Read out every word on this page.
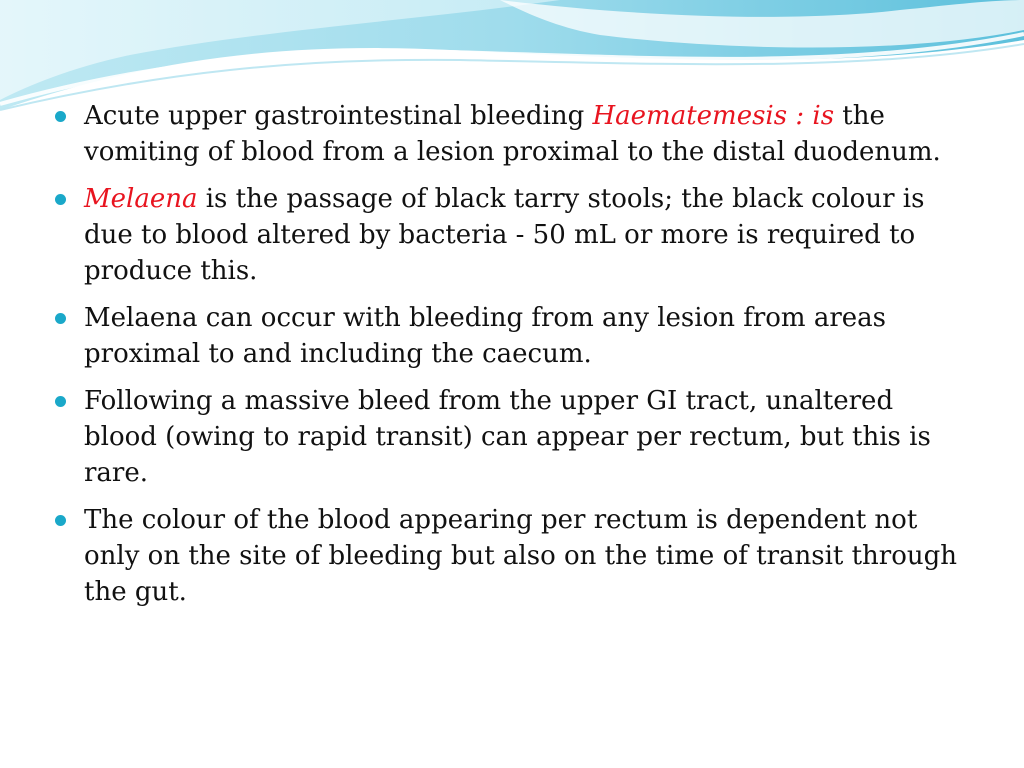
Acute upper gastrointestinal bleeding Haematemesis : is the vomiting of blood from a lesion proximal to the distal duodenum.
Melaena is the passage of black tarry stools; the black colour is due to blood altered by bacteria - 50 mL or more is required to produce this.
Melaena can occur with bleeding from any lesion from areas proximal to and including the caecum.
Following a massive bleed from the upper GI tract, unaltered blood (owing to rapid transit) can appear per rectum, but this is rare.
The colour of the blood appearing per rectum is dependent not only on the site of bleeding but also on the time of transit through the gut.
